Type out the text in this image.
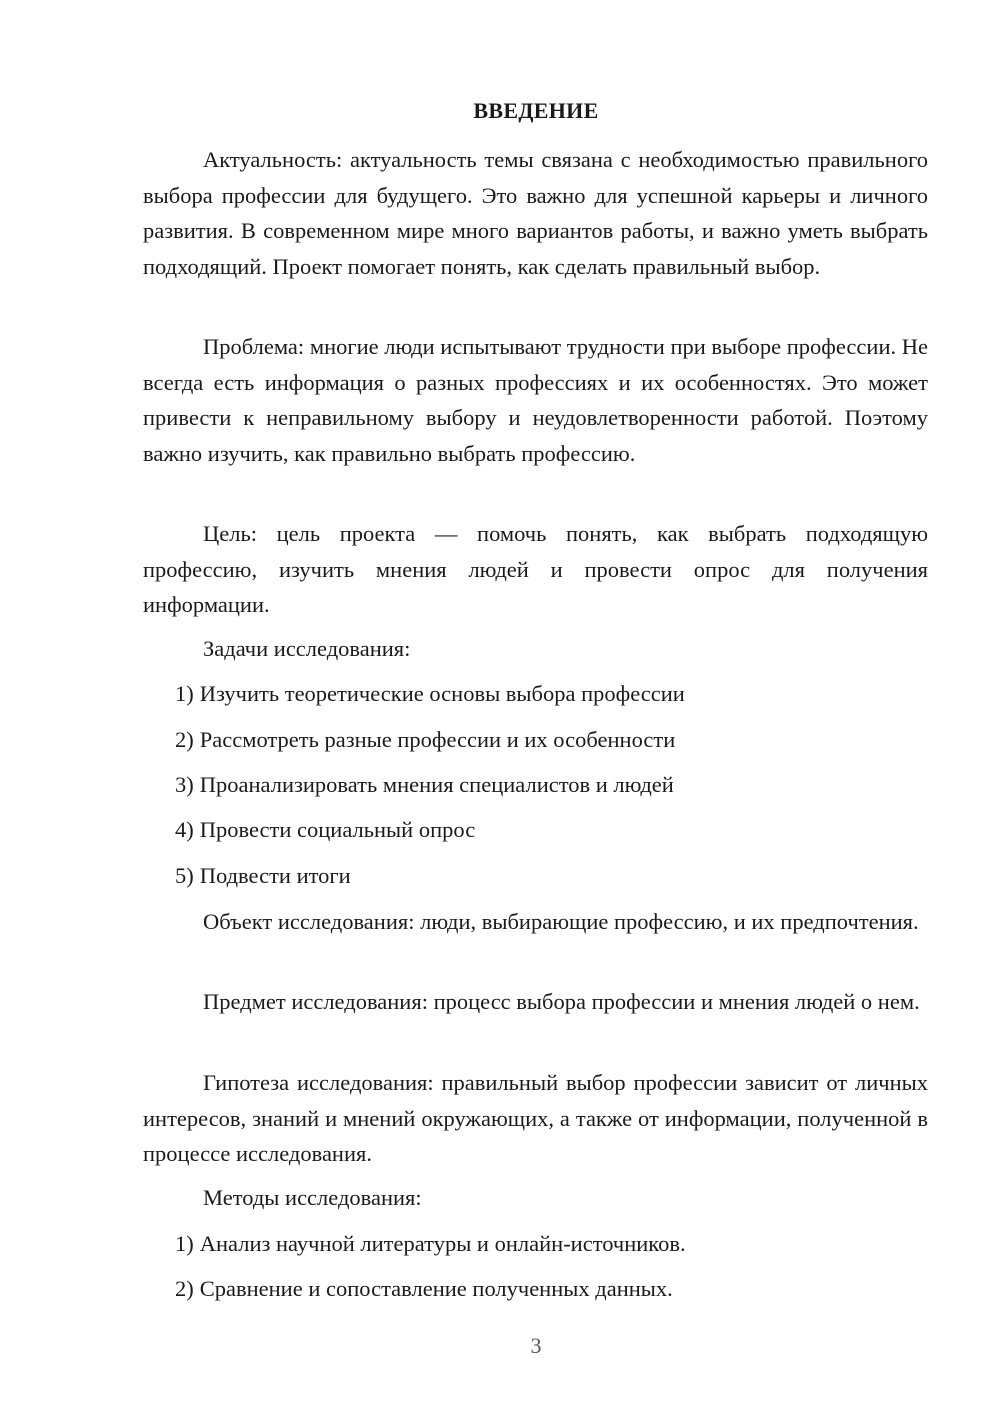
ВВЕДЕНИЕ

Актуальность: актуальность темы связана с необходимостью правильного выбора профессии для будущего. Это важно для успешной карьеры и личного развития. В современном мире много вариантов работы, и важно уметь выбрать подходящий. Проект помогает понять, как сделать правильный выбор.

Проблема: многие люди испытывают трудности при выборе профессии. Не всегда есть информация о разных профессиях и их особенностях. Это может привести к неправильному выбору и неудовлетворенности работой. Поэтому важно изучить, как правильно выбрать профессию.

Цель: цель проекта — помочь понять, как выбрать подходящую профессию, изучить мнения людей и провести опрос для получения информации.

Задачи исследования:

1) Изучить теоретические основы выбора профессии

2) Рассмотреть разные профессии и их особенности

3) Проанализировать мнения специалистов и людей

4) Провести социальный опрос

5) Подвести итоги

Объект исследования: люди, выбирающие профессию, и их предпочтения.

Предмет исследования: процесс выбора профессии и мнения людей о нем.

Гипотеза исследования: правильный выбор профессии зависит от личных интересов, знаний и мнений окружающих, а также от информации, полученной в процессе исследования.

Методы исследования:

1) Анализ научной литературы и онлайн-источников.

2) Сравнение и сопоставление полученных данных.

3
